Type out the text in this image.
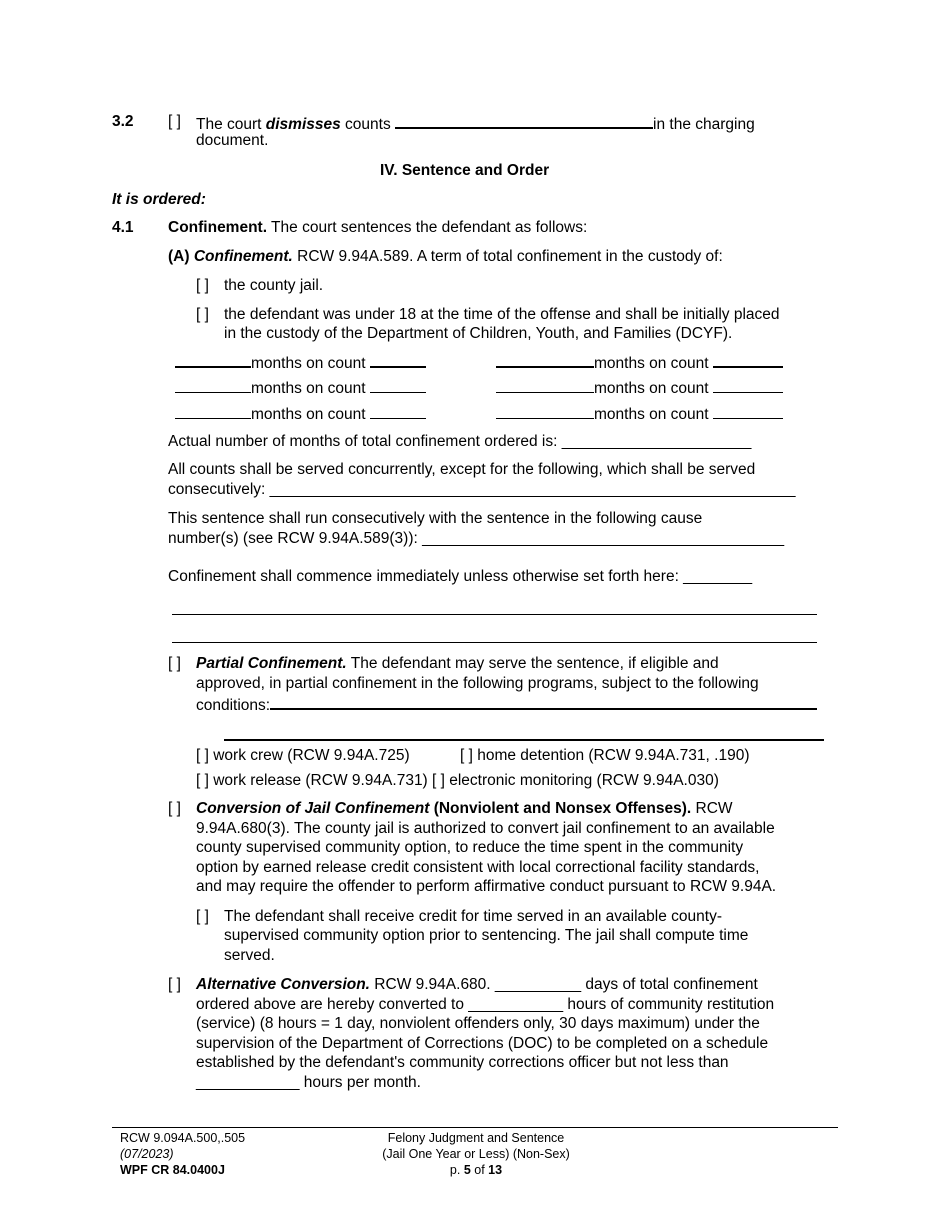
3.2 [ ] The court dismisses counts	in the charging
document.
IV. Sentence and Order
It is ordered:
4.1 Confinement. The court sentences the defendant as follows:
(A) Confinement. RCW 9.94A.589. A term of total confinement in the custody of:
[ ] the county jail.
[ ] the defendant was under 18 at the time of the offense and shall be initially placed
in the custody of the Department of Children, Youth, and Families (DCYF).
months on count	months on count
months on count	months on count
months on count	months on count
Actual number of months of total confinement ordered is: ______________________
All counts shall be served concurrently, except for the following, which shall be served
consecutively: _____________________________________________________________
This sentence shall run consecutively with the sentence in the following cause
number(s) (see RCW 9.94A.589(3)): __________________________________________
Confinement shall commence immediately unless otherwise set forth here: ________
[ ] Partial Confinement. The defendant may serve the sentence, if eligible and
approved, in partial confinement in the following programs, subject to the following
conditions:
[ ] work crew (RCW 9.94A.725)	[ ] home detention (RCW 9.94A.731, .190)
[ ] work release (RCW 9.94A.731) [ ] electronic monitoring (RCW 9.94A.030)
[ ] Conversion of Jail Confinement (Nonviolent and Nonsex Offenses). RCW
9.94A.680(3). The county jail is authorized to convert jail confinement to an available
county supervised community option, to reduce the time spent in the community
option by earned release credit consistent with local correctional facility standards,
and may require the offender to perform affirmative conduct pursuant to RCW 9.94A.
[ ] The defendant shall receive credit for time served in an available county-
supervised community option prior to sentencing. The jail shall compute time
served.
[ ] Alternative Conversion. RCW 9.94A.680. __________ days of total confinement
ordered above are hereby converted to ___________ hours of community restitution
(service) (8 hours = 1 day, nonviolent offenders only, 30 days maximum) under the
supervision of the Department of Corrections (DOC) to be completed on a schedule
established by the defendant's community corrections officer but not less than
____________ hours per month.
RCW 9.094A.500,.505
(07/2023)
WPF CR 84.0400J
Felony Judgment and Sentence
(Jail One Year or Less) (Non-Sex)
p. 5 of 13
